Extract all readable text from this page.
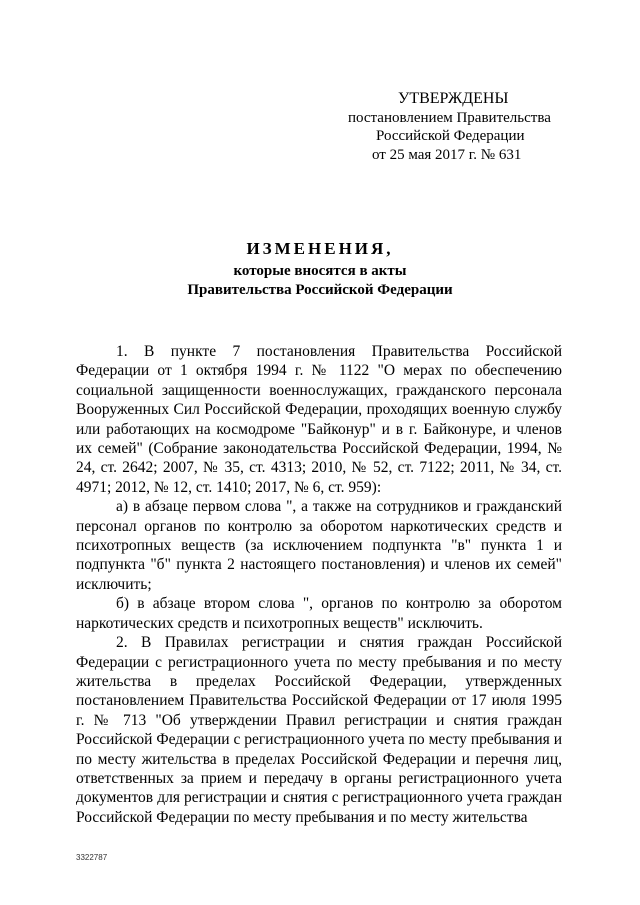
УТВЕРЖДЕНЫ
постановлением Правительства
Российской Федерации
от 25 мая 2017 г. № 631
ИЗМЕНЕНИЯ,
которые вносятся в акты
Правительства Российской Федерации

1. В пункте 7 постановления Правительства Российской Федерации от 1 октября 1994 г. № 1122 "О мерах по обеспечению социальной защищенности военнослужащих, гражданского персонала Вооруженных Сил Российской Федерации, проходящих военную службу или работающих на космодроме "Байконур" и в г. Байконуре, и членов их семей" (Собрание законодательства Российской Федерации, 1994, № 24, ст. 2642; 2007, № 35, ст. 4313; 2010, № 52, ст. 7122; 2011, № 34, ст. 4971; 2012, № 12, ст. 1410; 2017, № 6, ст. 959):

а) в абзаце первом слова ", а также на сотрудников и гражданский персонал органов по контролю за оборотом наркотических средств и психотропных веществ (за исключением подпункта "в" пункта 1 и подпункта "б" пункта 2 настоящего постановления) и членов их семей" исключить;

б) в абзаце втором слова ", органов по контролю за оборотом наркотических средств и психотропных веществ" исключить.

2. В Правилах регистрации и снятия граждан Российской Федерации с регистрационного учета по месту пребывания и по месту жительства в пределах Российской Федерации, утвержденных постановлением Правительства Российской Федерации от 17 июля 1995 г. № 713 "Об утверждении Правил регистрации и снятия граждан Российской Федерации с регистрационного учета по месту пребывания и по месту жительства в пределах Российской Федерации и перечня лиц, ответственных за прием и передачу в органы регистрационного учета документов для регистрации и снятия с регистрационного учета граждан Российской Федерации по месту пребывания и по месту жительства

3322787
